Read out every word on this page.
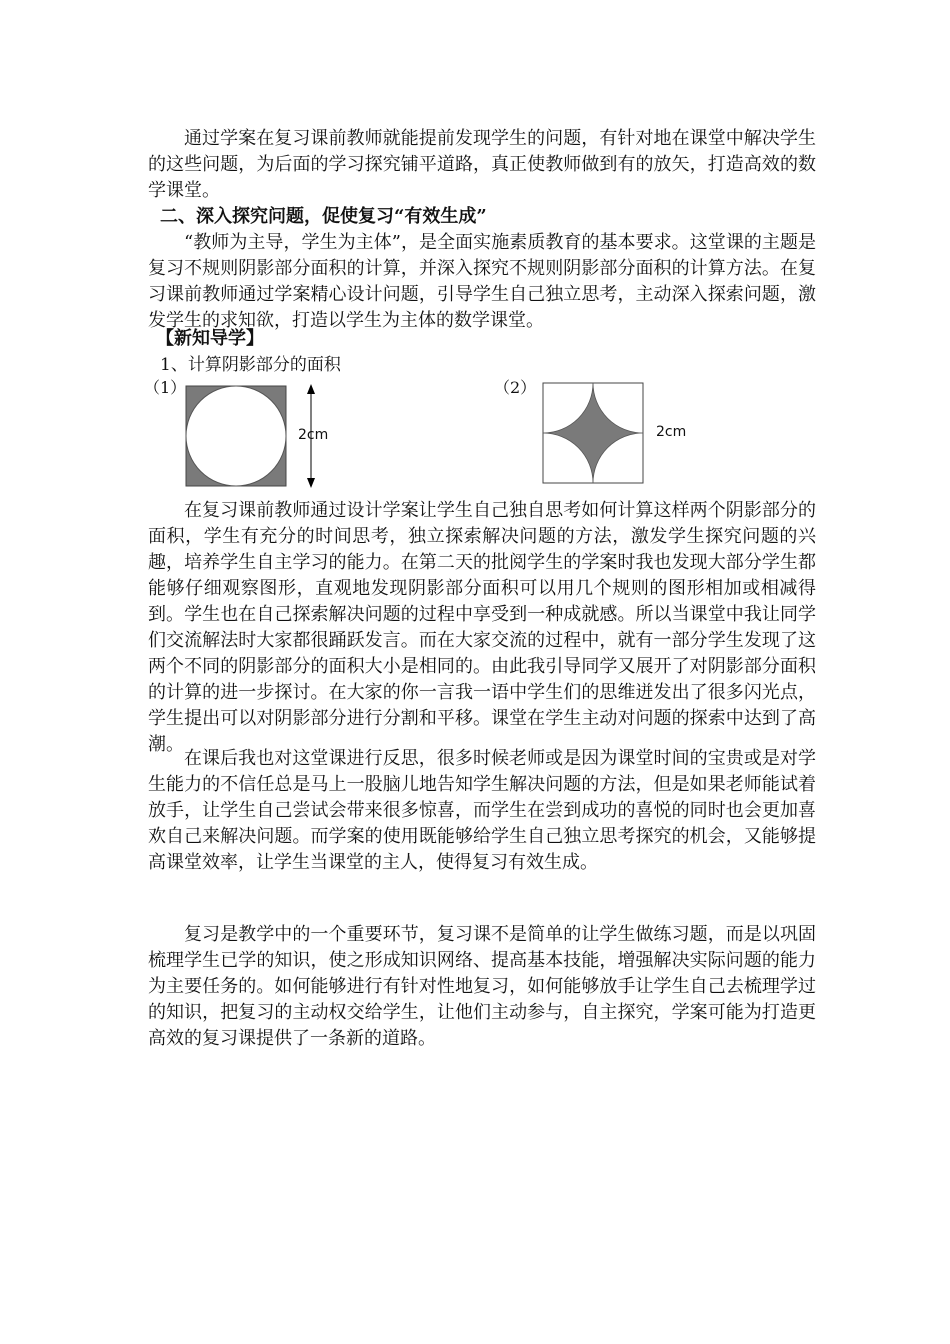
通过学案在复习课前教师就能提前发现学生的问题，有针对地在课堂中解决学生的这些问题，为后面的学习探究铺平道路，真正使教师做到有的放矢，打造高效的数学课堂。

二、深入探究问题，促使复习“有效生成”

“教师为主导，学生为主体”，是全面实施素质教育的基本要求。这堂课的主题是复习不规则阴影部分面积的计算，并深入探究不规则阴影部分面积的计算方法。在复习课前教师通过学案精心设计问题，引导学生自己独立思考，主动深入探索问题，激发学生的求知欲，打造以学生为主体的数学课堂。

【新知导学】

1、计算阴影部分的面积

（1）
2cm
（2）
2cm

在复习课前教师通过设计学案让学生自己独自思考如何计算这样两个阴影部分的面积，学生有充分的时间思考，独立探索解决问题的方法，激发学生探究问题的兴趣，培养学生自主学习的能力。在第二天的批阅学生的学案时我也发现大部分学生都能够仔细观察图形，直观地发现阴影部分面积可以用几个规则的图形相加或相减得到。学生也在自己探索解决问题的过程中享受到一种成就感。所以当课堂中我让同学们交流解法时大家都很踊跃发言。而在大家交流的过程中，就有一部分学生发现了这两个不同的阴影部分的面积大小是相同的。由此我引导同学又展开了对阴影部分面积的计算的进一步探讨。在大家的你一言我一语中学生们的思维迸发出了很多闪光点，学生提出可以对阴影部分进行分割和平移。课堂在学生主动对问题的探索中达到了高潮。

在课后我也对这堂课进行反思，很多时候老师或是因为课堂时间的宝贵或是对学生能力的不信任总是马上一股脑儿地告知学生解决问题的方法，但是如果老师能试着放手，让学生自己尝试会带来很多惊喜，而学生在尝到成功的喜悦的同时也会更加喜欢自己来解决问题。而学案的使用既能够给学生自己独立思考探究的机会，又能够提高课堂效率，让学生当课堂的主人，使得复习有效生成。

复习是教学中的一个重要环节，复习课不是简单的让学生做练习题，而是以巩固梳理学生已学的知识，使之形成知识网络、提高基本技能，增强解决实际问题的能力为主要任务的。如何能够进行有针对性地复习，如何能够放手让学生自己去梳理学过的知识，把复习的主动权交给学生，让他们主动参与，自主探究，学案可能为打造更高效的复习课提供了一条新的道路。
